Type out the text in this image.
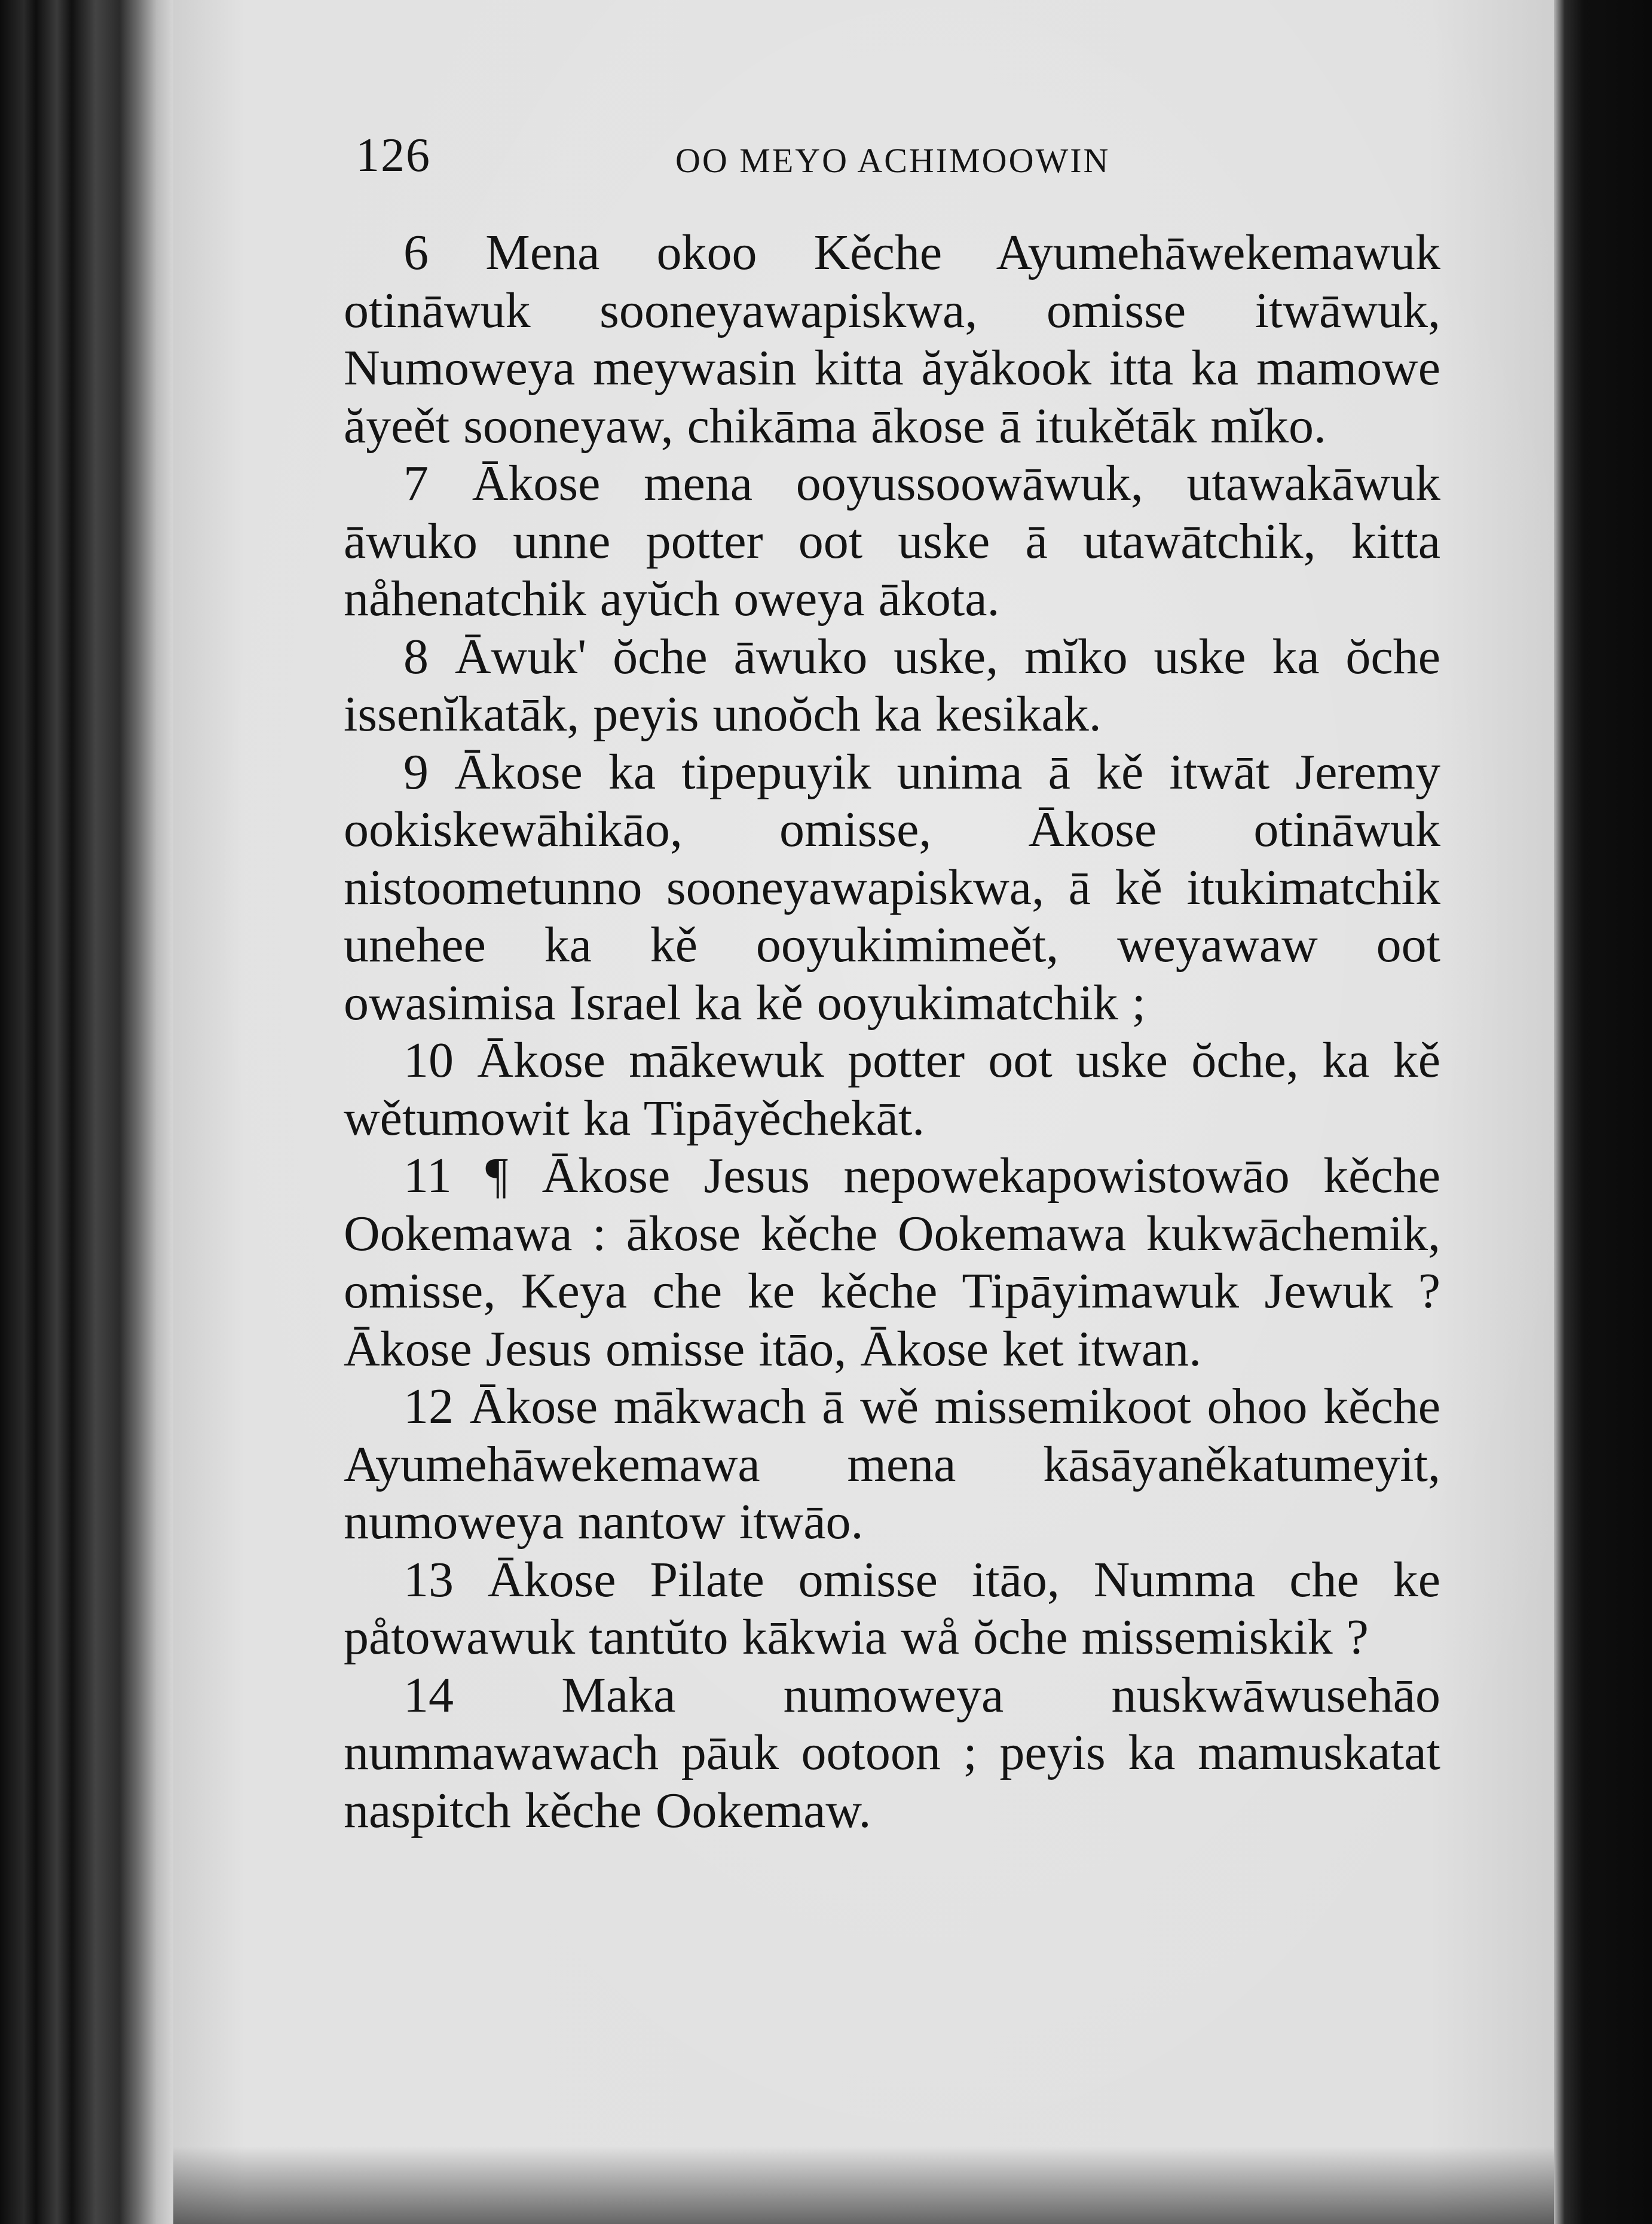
126	OO MEYO ACHIMOOWIN

6 Mena okoo Kěche Ayumehāwekemawuk otināwuk sooneyawapiskwa, omisse itwāwuk, Numoweya meywasin kitta ăyăkook itta ka mamowe ăyeět sooneyaw, chikāma ākose ā itukětāk mĭko.

7 Ākose mena ooyussoowāwuk, utawakāwuk āwuko unne potter oot uske ā utawātchik, kitta nåhenatchik ayŭch oweya ākota.

8 Āwuk' ŏche āwuko uske, mĭko uske ka ŏche issenĭkatāk, peyis unoŏch ka kesikak.

9 Ākose ka tipepuyik unima ā kě itwāt Jeremy ookiskewāhikāo, omisse, Ākose otināwuk nistoometunno sooneyawapiskwa, ā kě itukimatchik unehee ka kě ooyukimimeět, weyawaw oot owasimisa Israel ka kě ooyukimatchik ;

10 Ākose mākewuk potter oot uske ŏche, ka kě wětumowit ka Tipāyěchekāt.

11 ¶ Ākose Jesus nepowekapowistowāo kěche Ookemawa : ākose kěche Ookemawa kukwāchemik, omisse, Keya che ke kěche Tipāyimawuk Jewuk ? Ākose Jesus omisse itāo, Ākose ket itwan.

12 Ākose mākwach ā wě missemikoot ohoo kěche Ayumehāwekemawa mena kāsāyaněkatumeyit, numoweya nantow itwāo.

13 Ākose Pilate omisse itāo, Numma che ke påtowawuk tantŭto kākwia wå ŏche missemiskik ?

14 Maka numoweya nuskwāwusehāo nummawawach pāuk ootoon ; peyis ka mamuskatat naspitch kěche Ookemaw.
